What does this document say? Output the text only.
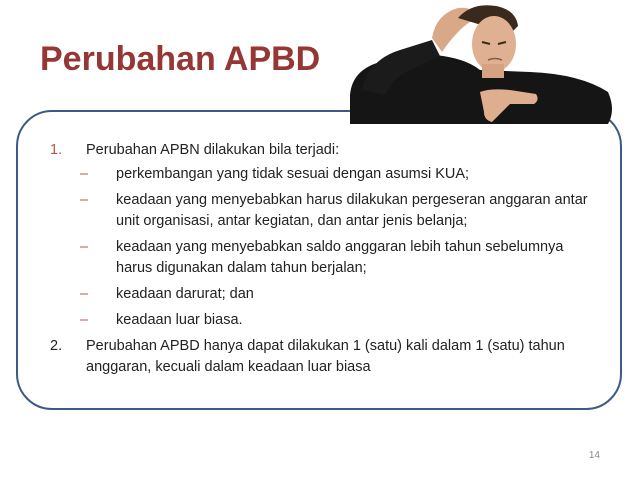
Perubahan APBD
1. Perubahan APBN dilakukan bila terjadi:
– perkembangan yang tidak sesuai dengan asumsi KUA;
– keadaan yang menyebabkan harus dilakukan pergeseran anggaran antar unit organisasi, antar kegiatan, dan antar jenis belanja;
– keadaan yang menyebabkan saldo anggaran lebih tahun sebelumnya harus digunakan dalam tahun berjalan;
– keadaan darurat; dan
– keadaan luar biasa.
2. Perubahan APBD hanya dapat dilakukan 1 (satu) kali dalam 1 (satu) tahun anggaran, kecuali dalam keadaan luar biasa
14
